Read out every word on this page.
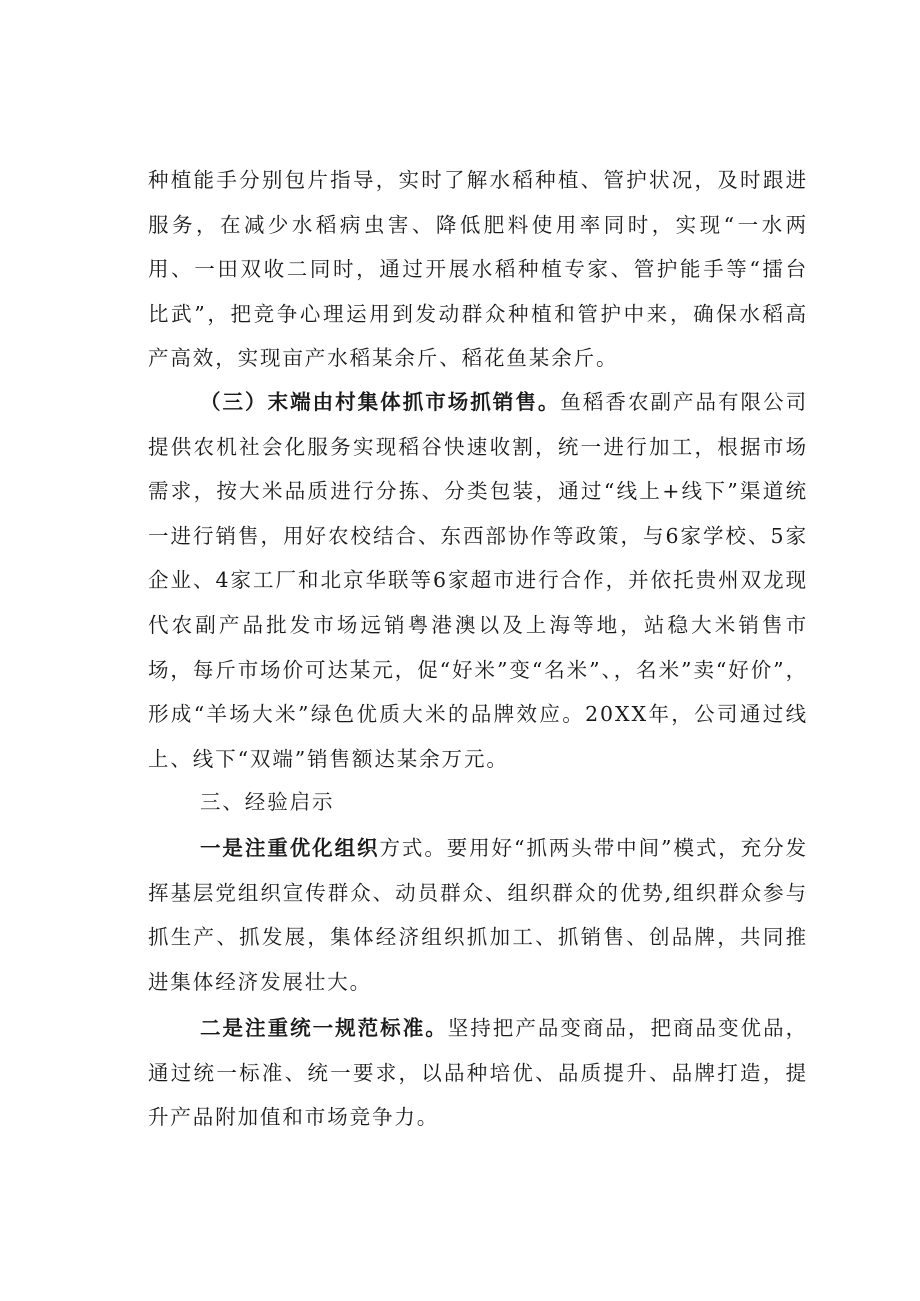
种植能手分别包片指导，实时了解水稻种植、管护状况，及时跟进服务，在减少水稻病虫害、降低肥料使用率同时，实现“一水两用、一田双收二同时，通过开展水稻种植专家、管护能手等“擂台比武”，把竞争心理运用到发动群众种植和管护中来，确保水稻高产高效，实现亩产水稻某余斤、稻花鱼某余斤。

（三）末端由村集体抓市场抓销售。鱼稻香农副产品有限公司提供农机社会化服务实现稻谷快速收割，统一进行加工，根据市场需求，按大米品质进行分拣、分类包装，通过“线上+线下”渠道统一进行销售，用好农校结合、东西部协作等政策，与6家学校、5家企业、4家工厂和北京华联等6家超市进行合作，并依托贵州双龙现代农副产品批发市场远销粤港澳以及上海等地，站稳大米销售市场，每斤市场价可达某元，促“好米”变“名米”、，名米”卖“好价”，形成“羊场大米”绿色优质大米的品牌效应。20XX年，公司通过线上、线下“双端”销售额达某余万元。

三、经验启示

一是注重优化组织方式。要用好“抓两头带中间”模式，充分发挥基层党组织宣传群众、动员群众、组织群众的优势,组织群众参与抓生产、抓发展，集体经济组织抓加工、抓销售、创品牌，共同推进集体经济发展壮大。

二是注重统一规范标准。坚持把产品变商品，把商品变优品，通过统一标准、统一要求，以品种培优、品质提升、品牌打造，提升产品附加值和市场竞争力。
